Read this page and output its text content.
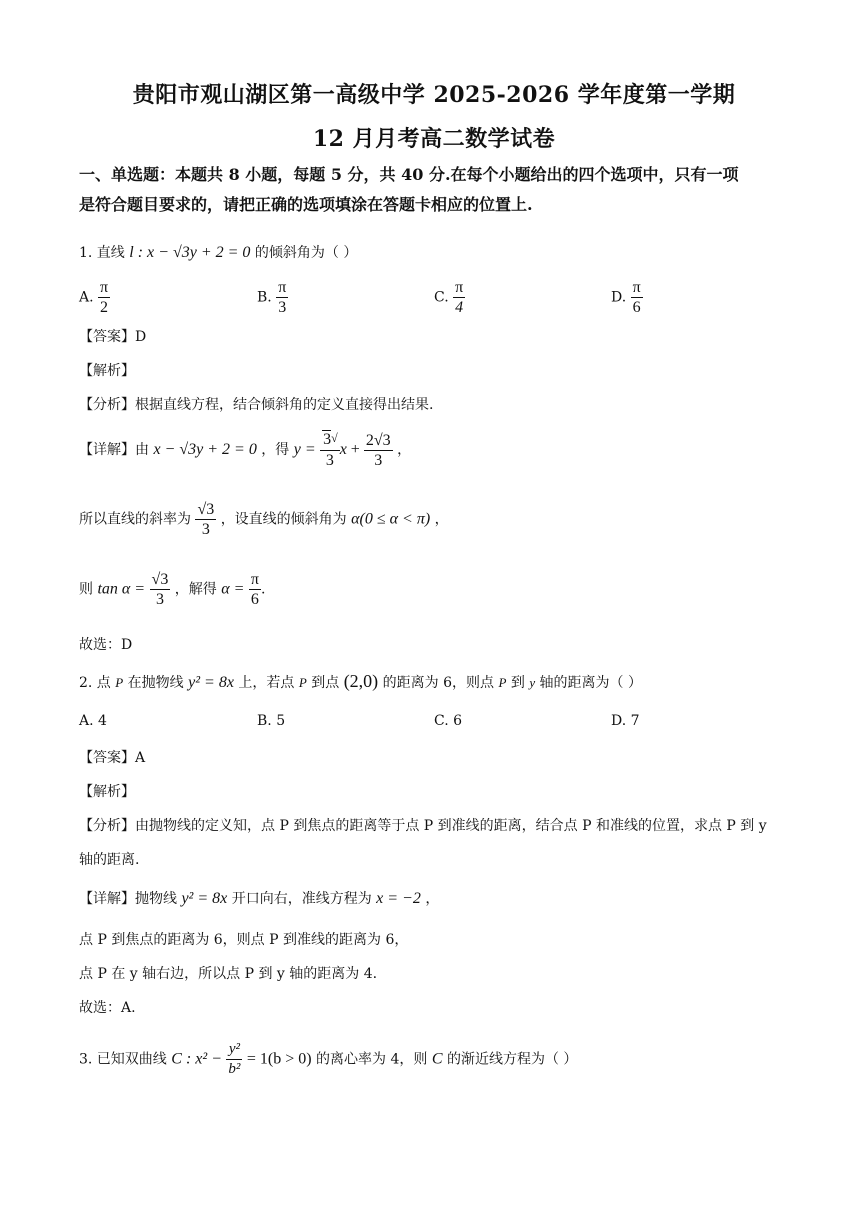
贵阳市观山湖区第一高级中学 2025-2026 学年度第一学期
12 月月考高二数学试卷
一、单选题：本题共 8 小题，每题 5 分，共 40 分.在每个小题给出的四个选项中，只有一项
是符合题目要求的，请把正确的选项填涂在答题卡相应的位置上.
1. 直线 l : x − √3y + 2 = 0 的倾斜角为（ ）
A. $\frac{\pi}{2}$	B. $\frac{\pi}{3}$	C. $\frac{\pi}{4}$	D. $\frac{\pi}{6}$
【答案】D
【解析】
【分析】根据直线方程，结合倾斜角的定义直接得出结果.
【详解】由 x − √3y + 2 = 0 ，得 $y = \frac{3√}{3}$ $x + \frac{2√3}{3}$ ，
所以直线的斜率为 $\frac{√3}{3}$ ，设直线的倾斜角为 α(0 ≤ α < π) ，
则 $\tan \alpha = \frac{√3}{3}$ ，解得 $\alpha = \frac{\pi}{6}$ .
故选：D
2. 点 P 在抛物线 y² = 8x 上，若点 P 到点 (2,0) 的距离为 6，则点 P 到 y 轴的距离为（ ）
A. 4	B. 5	C. 6	D. 7
【答案】A
【解析】
【分析】由抛物线的定义知，点 P 到焦点的距离等于点 P 到准线的距离，结合点 P 和准线的位置，求点 P 到 y
轴的距离.
【详解】抛物线 y² = 8x 开口向右，准线方程为 x = −2 ，
点 P 到焦点的距离为 6，则点 P 到准线的距离为 6，
点 P 在 y 轴右边，所以点 P 到 y 轴的距离为 4.
故选：A.
3. 已知双曲线 C : $x^2 - \frac{\text{y²}}{\text{b²}} = 1(b > 0)$ 的离心率为 4，则 C 的渐近线方程为（ ）
